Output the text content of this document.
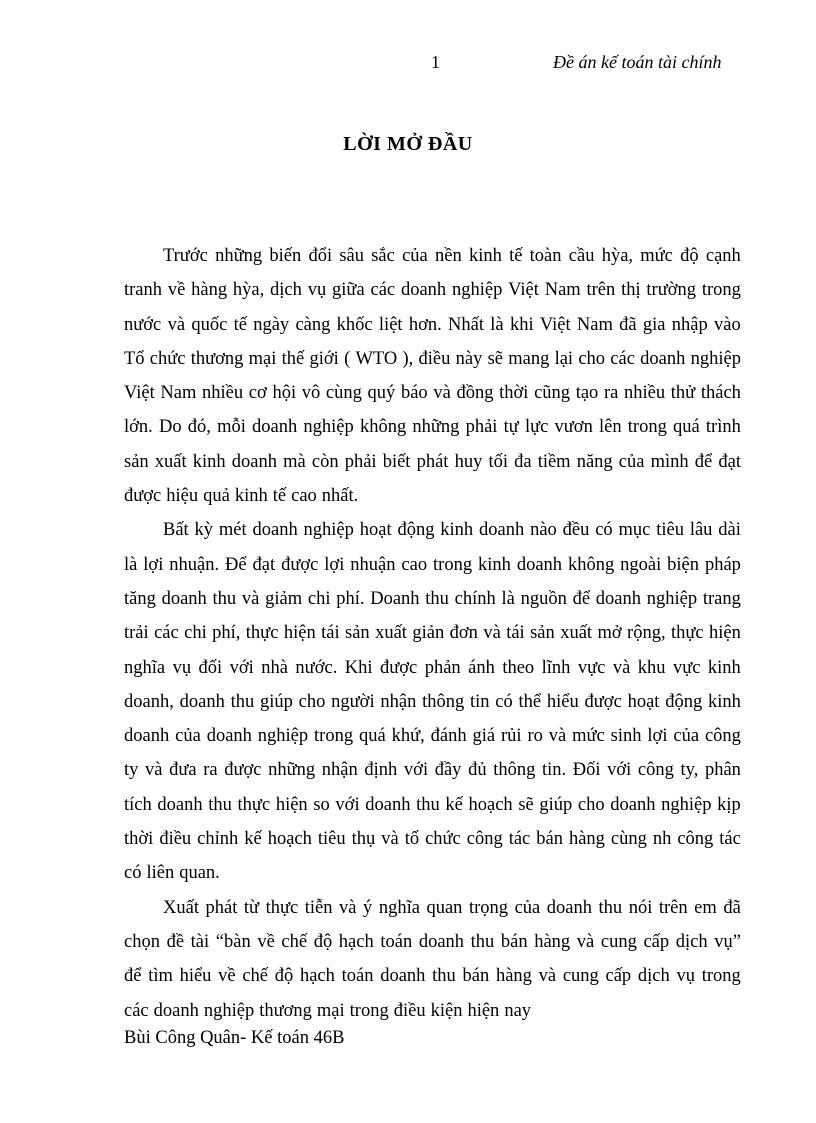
1	Đề án kế toán tài chính
LỜI MỞ ĐẦU
Trước những biến đổi sâu sắc của nền kinh tế toàn cầu hỳa, mức độ cạnh
tranh về hàng hỳa, dịch vụ giữa các doanh nghiệp Việt Nam trên thị trường trong
nước và quốc tế ngày càng khốc liệt hơn. Nhất là khi Việt Nam đã gia nhập vào
Tổ chức thương mại thế giới ( WTO ), điều này sẽ mang lại cho các doanh nghiệp
Việt Nam nhiều cơ hội vô cùng quý báo và đồng thời cũng tạo ra nhiều thử thách
lớn. Do đó, mỗi doanh nghiệp không những phải tự lực vươn lên trong quá trình
sản xuất kinh doanh mà còn phải biết phát huy tối đa tiềm năng của mình để đạt
được hiệu quả kinh tế cao nhất.
Bất kỳ mét doanh nghiệp hoạt động kinh doanh nào đều có mục tiêu lâu dài
là lợi nhuận. Để đạt được lợi nhuận cao trong kinh doanh không ngoài biện pháp
tăng doanh thu và giảm chi phí. Doanh thu chính là nguồn để doanh nghiệp trang
trải các chi phí, thực hiện tái sản xuất giản đơn và tái sản xuất mở rộng, thực hiện
nghĩa vụ đối với nhà nước. Khi được phản ánh theo lĩnh vực và khu vực kinh
doanh, doanh thu giúp cho người nhận thông tin có thể hiểu được hoạt động kinh
doanh của doanh nghiệp trong quá khứ, đánh giá rủi ro và mức sinh lợi của công
ty và đưa ra được những nhận định với đầy đủ thông tin. Đối với công ty, phân
tích doanh thu thực hiện so với doanh thu kế hoạch sẽ giúp cho doanh nghiệp kịp
thời điều chỉnh kế hoạch tiêu thụ và tổ chức công tác bán hàng cùng nh công tác
có liên quan.
Xuất phát từ thực tiễn và ý nghĩa quan trọng của doanh thu nói trên em đã
chọn đề tài “bàn về chế độ hạch toán doanh thu bán hàng và cung cấp dịch vụ”
để tìm hiểu về chế độ hạch toán doanh thu bán hàng và cung cấp dịch vụ trong
các doanh nghiệp thương mại trong điều kiện hiện nay
Bùi Công Quân- Kế toán 46B
